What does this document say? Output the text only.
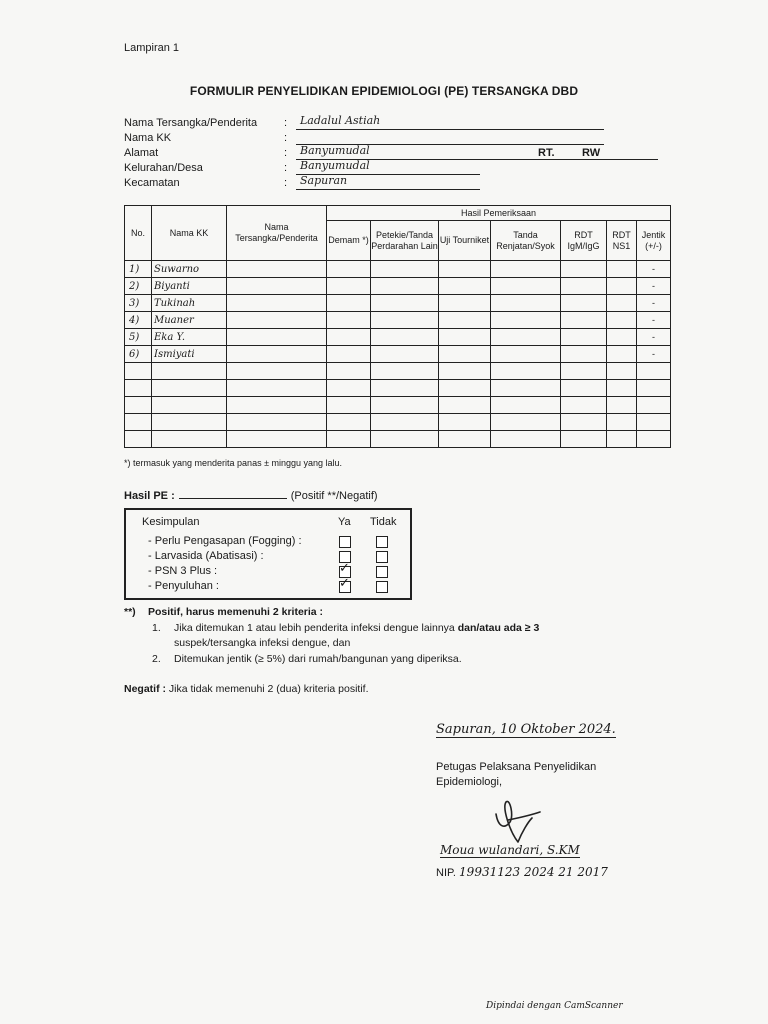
Lampiran 1
FORMULIR PENYELIDIKAN EPIDEMIOLOGI (PE) TERSANGKA DBD
Nama Tersangka/Penderita	:	Ladalul Astiah
Nama KK	:
Alamat	:	Banyumudal	RT.	RW
Kelurahan/Desa	:	Banyumudal
Kecamatan	:	Sapuran
No.	Nama KK	Nama Tersangka/Penderita	Hasil Pemeriksaan						
			Demam *)	Petekie/Tanda Perdarahan Lain	Uji Tourniket	Tanda Renjatan/Syok	RDT IgM/IgG	RDT NS1	Jentik (+/-)
1)	Suwarno								-
2)	Biyanti								-
3)	Tukinah								-
4)	Muaner								-
5)	Eka Y.								-
6)	Ismiyati								-

*) termasuk yang menderita panas ± minggu yang lalu.
Hasil PE :	(Positif **/Negatif)
Kesimpulan	Ya Tidak
- Perlu Pengasapan (Fogging) :
- Larvasida (Abatisasi) :
- PSN 3 Plus :	✓
- Penyuluhan :	✓
**) Positif, harus memenuhi 2 kriteria :
1. Jika ditemukan 1 atau lebih penderita infeksi dengue lainnya dan/atau ada ≥ 3
suspek/tersangka infeksi dengue, dan
2. Ditemukan jentik (≥ 5%) dari rumah/bangunan yang diperiksa.
Negatif : Jika tidak memenuhi 2 (dua) kriteria positif.
Sapuran, 10 Oktober 2024.
Petugas Pelaksana Penyelidikan
Epidemiologi,
Moua wulandari, S.KM
NIP. 19931123 2024 21 2017
Dipindai dengan CamScanner
